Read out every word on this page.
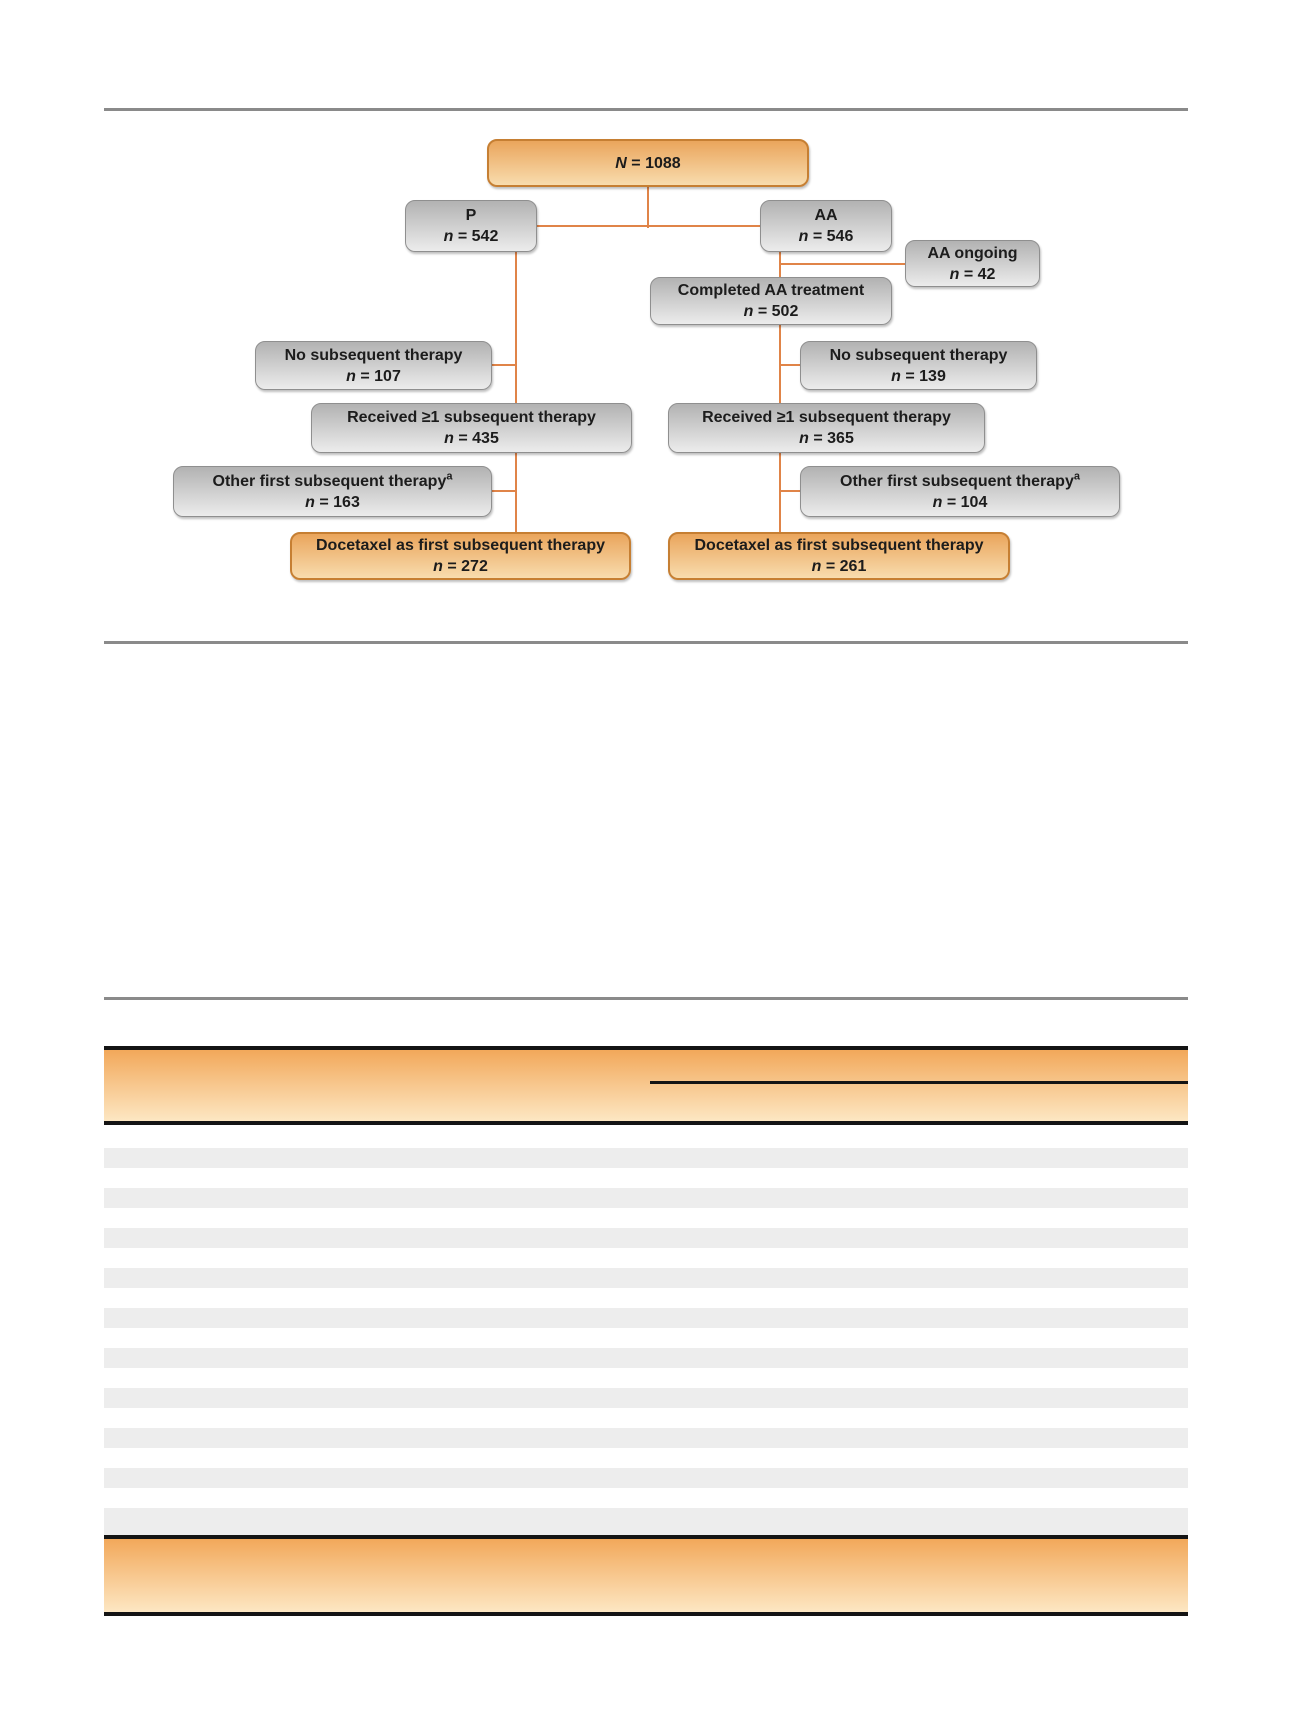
N = 1088
P
n = 542
AA
n = 546
AA ongoing
n = 42
Completed AA treatment
n = 502
No subsequent therapy
n = 107
No subsequent therapy
n = 139
Received ≥1 subsequent therapy
n = 435
Received ≥1 subsequent therapy
n = 365
Other first subsequent therapy$^a$
n = 163
Other first subsequent therapy$^a$
n = 104
Docetaxel as first subsequent therapy
n = 272
Docetaxel as first subsequent therapy
n = 261
